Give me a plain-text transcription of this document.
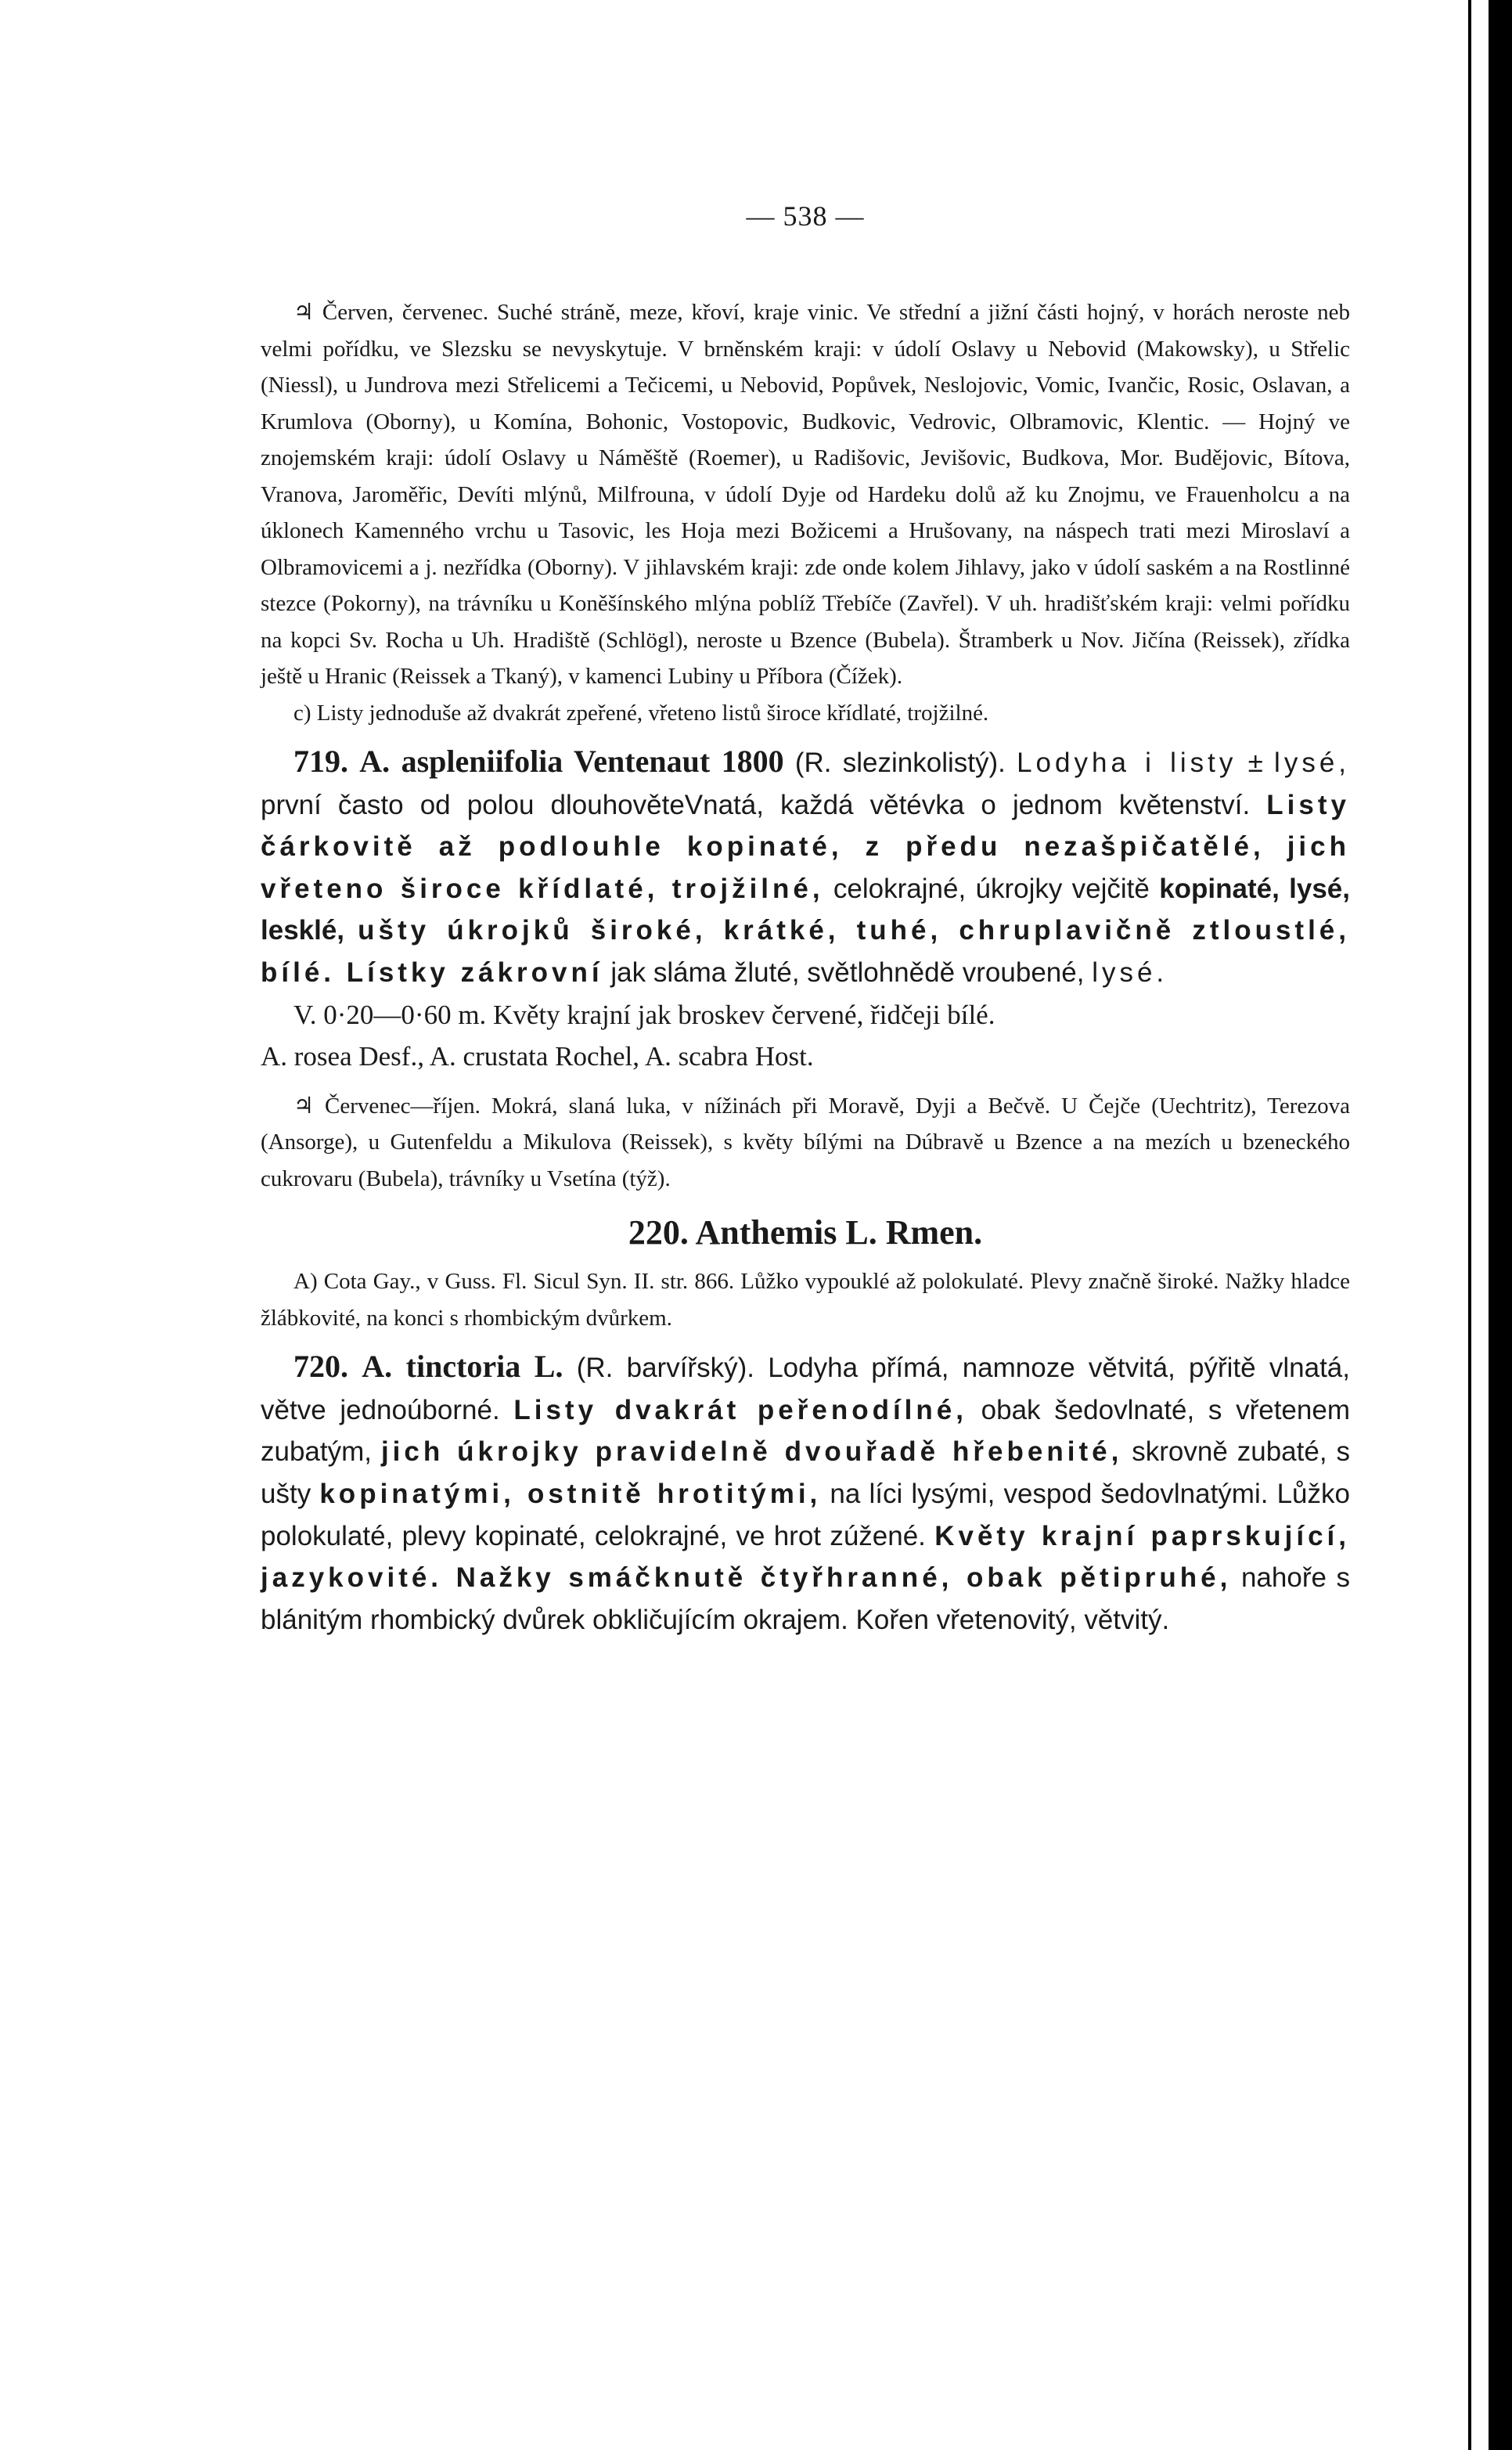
— 538 —

♃ Červen, červenec. Suché stráně, meze, křoví, kraje vinic. Ve střední a jižní části hojný, v horách neroste neb velmi pořídku, ve Slezsku se nevyskytuje. V brněnském kraji: v údolí Oslavy u Nebovid (Makowsky), u Střelic (Niessl), u Jundrova mezi Střelicemi a Tečicemi, u Nebovid, Popůvek, Neslojovic, Vomic, Ivančic, Rosic, Oslavan, a Krumlova (Oborny), u Komína, Bohonic, Vostopovic, Budkovic, Vedrovic, Olbramovic, Klentic. — Hojný ve znojemském kraji: údolí Oslavy u Náměště (Roemer), u Radišovic, Jevišovic, Budkova, Mor. Budějovic, Bítova, Vranova, Jaroměřic, Devíti mlýnů, Milfrouna, v údolí Dyje od Hardeku dolů až ku Znojmu, ve Frauenholcu a na úklonech Kamenného vrchu u Tasovic, les Hoja mezi Božicemi a Hrušovany, na náspech trati mezi Miroslaví a Olbramovicemi a j. nezřídka (Oborny). V jihlavském kraji: zde onde kolem Jihlavy, jako v údolí saském a na Rostlinné stezce (Pokorny), na trávníku u Koněšínského mlýna poblíž Třebíče (Zavřel). V uh. hradišťském kraji: velmi pořídku na kopci Sv. Rocha u Uh. Hradiště (Schlögl), neroste u Bzence (Bubela). Štramberk u Nov. Jičína (Reissek), zřídka ještě u Hranic (Reissek a Tkaný), v kamenci Lubiny u Příbora (Čížek).

c) Listy jednoduše až dvakrát zpeřené, vřeteno listů široce křídlaté, trojžilné.

719. A. aspleniifolia Ventenaut 1800 (R. slezinkolistý). Lodyha i listy ± lysé, první často od polou dlouhověteVnatá, každá větévka o jednom květenství. Listy čárkovitě až podlouhle kopinaté, z předu nezašpičatělé, jich vřeteno široce křídlaté, trojžilné, celokrajné, úkrojky vejčitě kopinaté, lysé, lesklé, ušty úkrojků široké, krátké, tuhé, chruplavičně ztloustlé, bílé. Lístky zákrovní jak sláma žluté, světlohnědě vroubené, lysé.

V. 0·20—0·60 m. Květy krajní jak broskev červené, řidčeji bílé.

A. rosea Desf., A. crustata Rochel, A. scabra Host.

♃ Červenec—říjen. Mokrá, slaná luka, v nížinách při Moravě, Dyji a Bečvě. U Čejče (Uechtritz), Terezova (Ansorge), u Gutenfeldu a Mikulova (Reissek), s květy bílými na Dúbravě u Bzence a na mezích u bzeneckého cukrovaru (Bubela), trávníky u Vsetína (týž).

220. Anthemis L. Rmen.

A) Cota Gay., v Guss. Fl. Sicul Syn. II. str. 866. Lůžko vypouklé až polokulaté. Plevy značně široké. Nažky hladce žlábkovité, na konci s rhombickým dvůrkem.

720. A. tinctoria L. (R. barvířský). Lodyha přímá, namnoze větvitá, pýřitě vlnatá, větve jednoúborné. Listy dvakrát peřenodílné, obak šedovlnaté, s vřetenem zubatým, jich úkrojky pravidelně dvouřadě hřebenité, skrovně zubaté, s ušty kopinatými, ostnitě hrotitými, na líci lysými, vespod šedovlnatými. Lůžko polokulaté, plevy kopinaté, celokrajné, ve hrot zúžené. Květy krajní paprskující, jazykovité. Nažky smáčknutě čtyřhranné, obak pětipruhé, nahoře s blánitým rhombický dvůrek obkličujícím okrajem. Kořen vřetenovitý, větvitý.
